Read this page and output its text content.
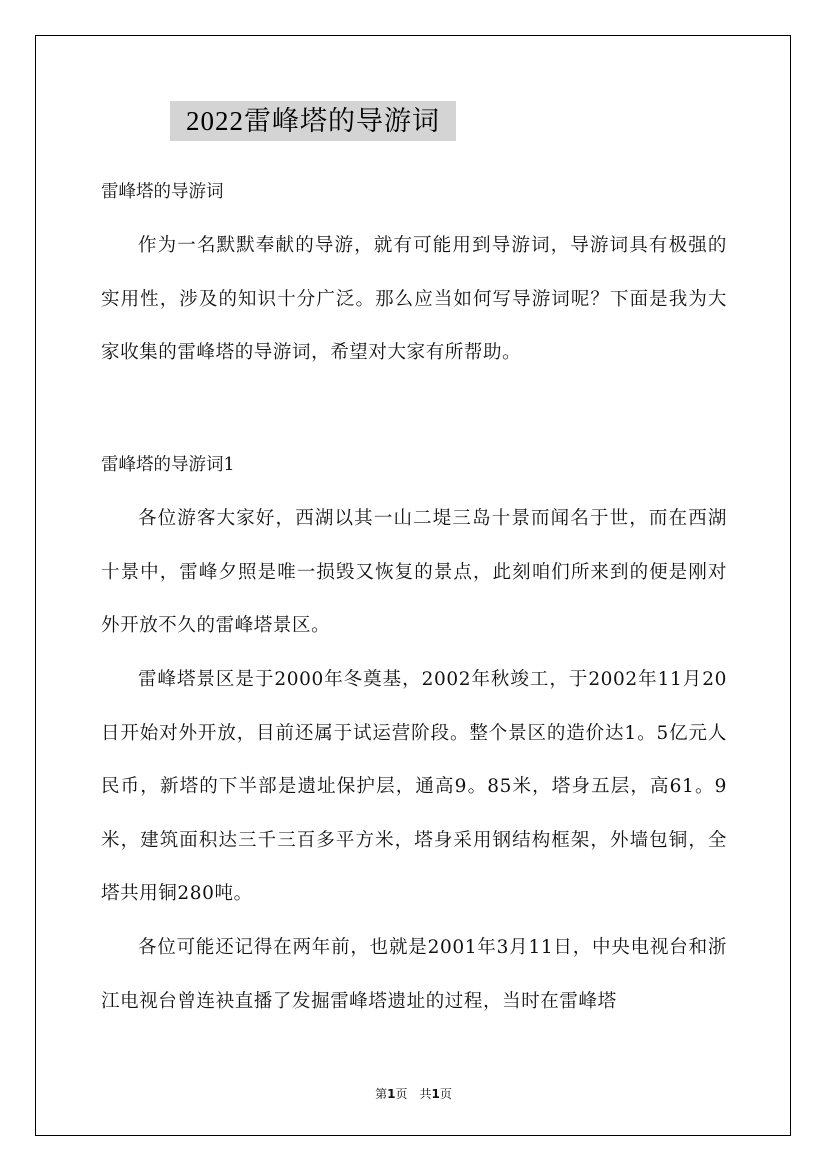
2022雷峰塔的导游词
雷峰塔的导游词

作为一名默默奉献的导游，就有可能用到导游词，导游词具有极强的实用性，涉及的知识十分广泛。那么应当如何写导游词呢？下面是我为大家收集的雷峰塔的导游词，希望对大家有所帮助。

雷峰塔的导游词1

各位游客大家好，西湖以其一山二堤三岛十景而闻名于世，而在西湖十景中，雷峰夕照是唯一损毁又恢复的景点，此刻咱们所来到的便是刚对外开放不久的雷峰塔景区。

雷峰塔景区是于2000年冬奠基，2002年秋竣工，于2002年11月20日开始对外开放，目前还属于试运营阶段。整个景区的造价达1。5亿元人民币，新塔的下半部是遗址保护层，通高9。85米，塔身五层，高61。9米，建筑面积达三千三百多平方米，塔身采用钢结构框架，外墙包铜，全塔共用铜280吨。

各位可能还记得在两年前，也就是2001年3月11日，中央电视台和浙江电视台曾连袂直播了发掘雷峰塔遗址的过程，当时在雷峰塔

第1页　共1页
